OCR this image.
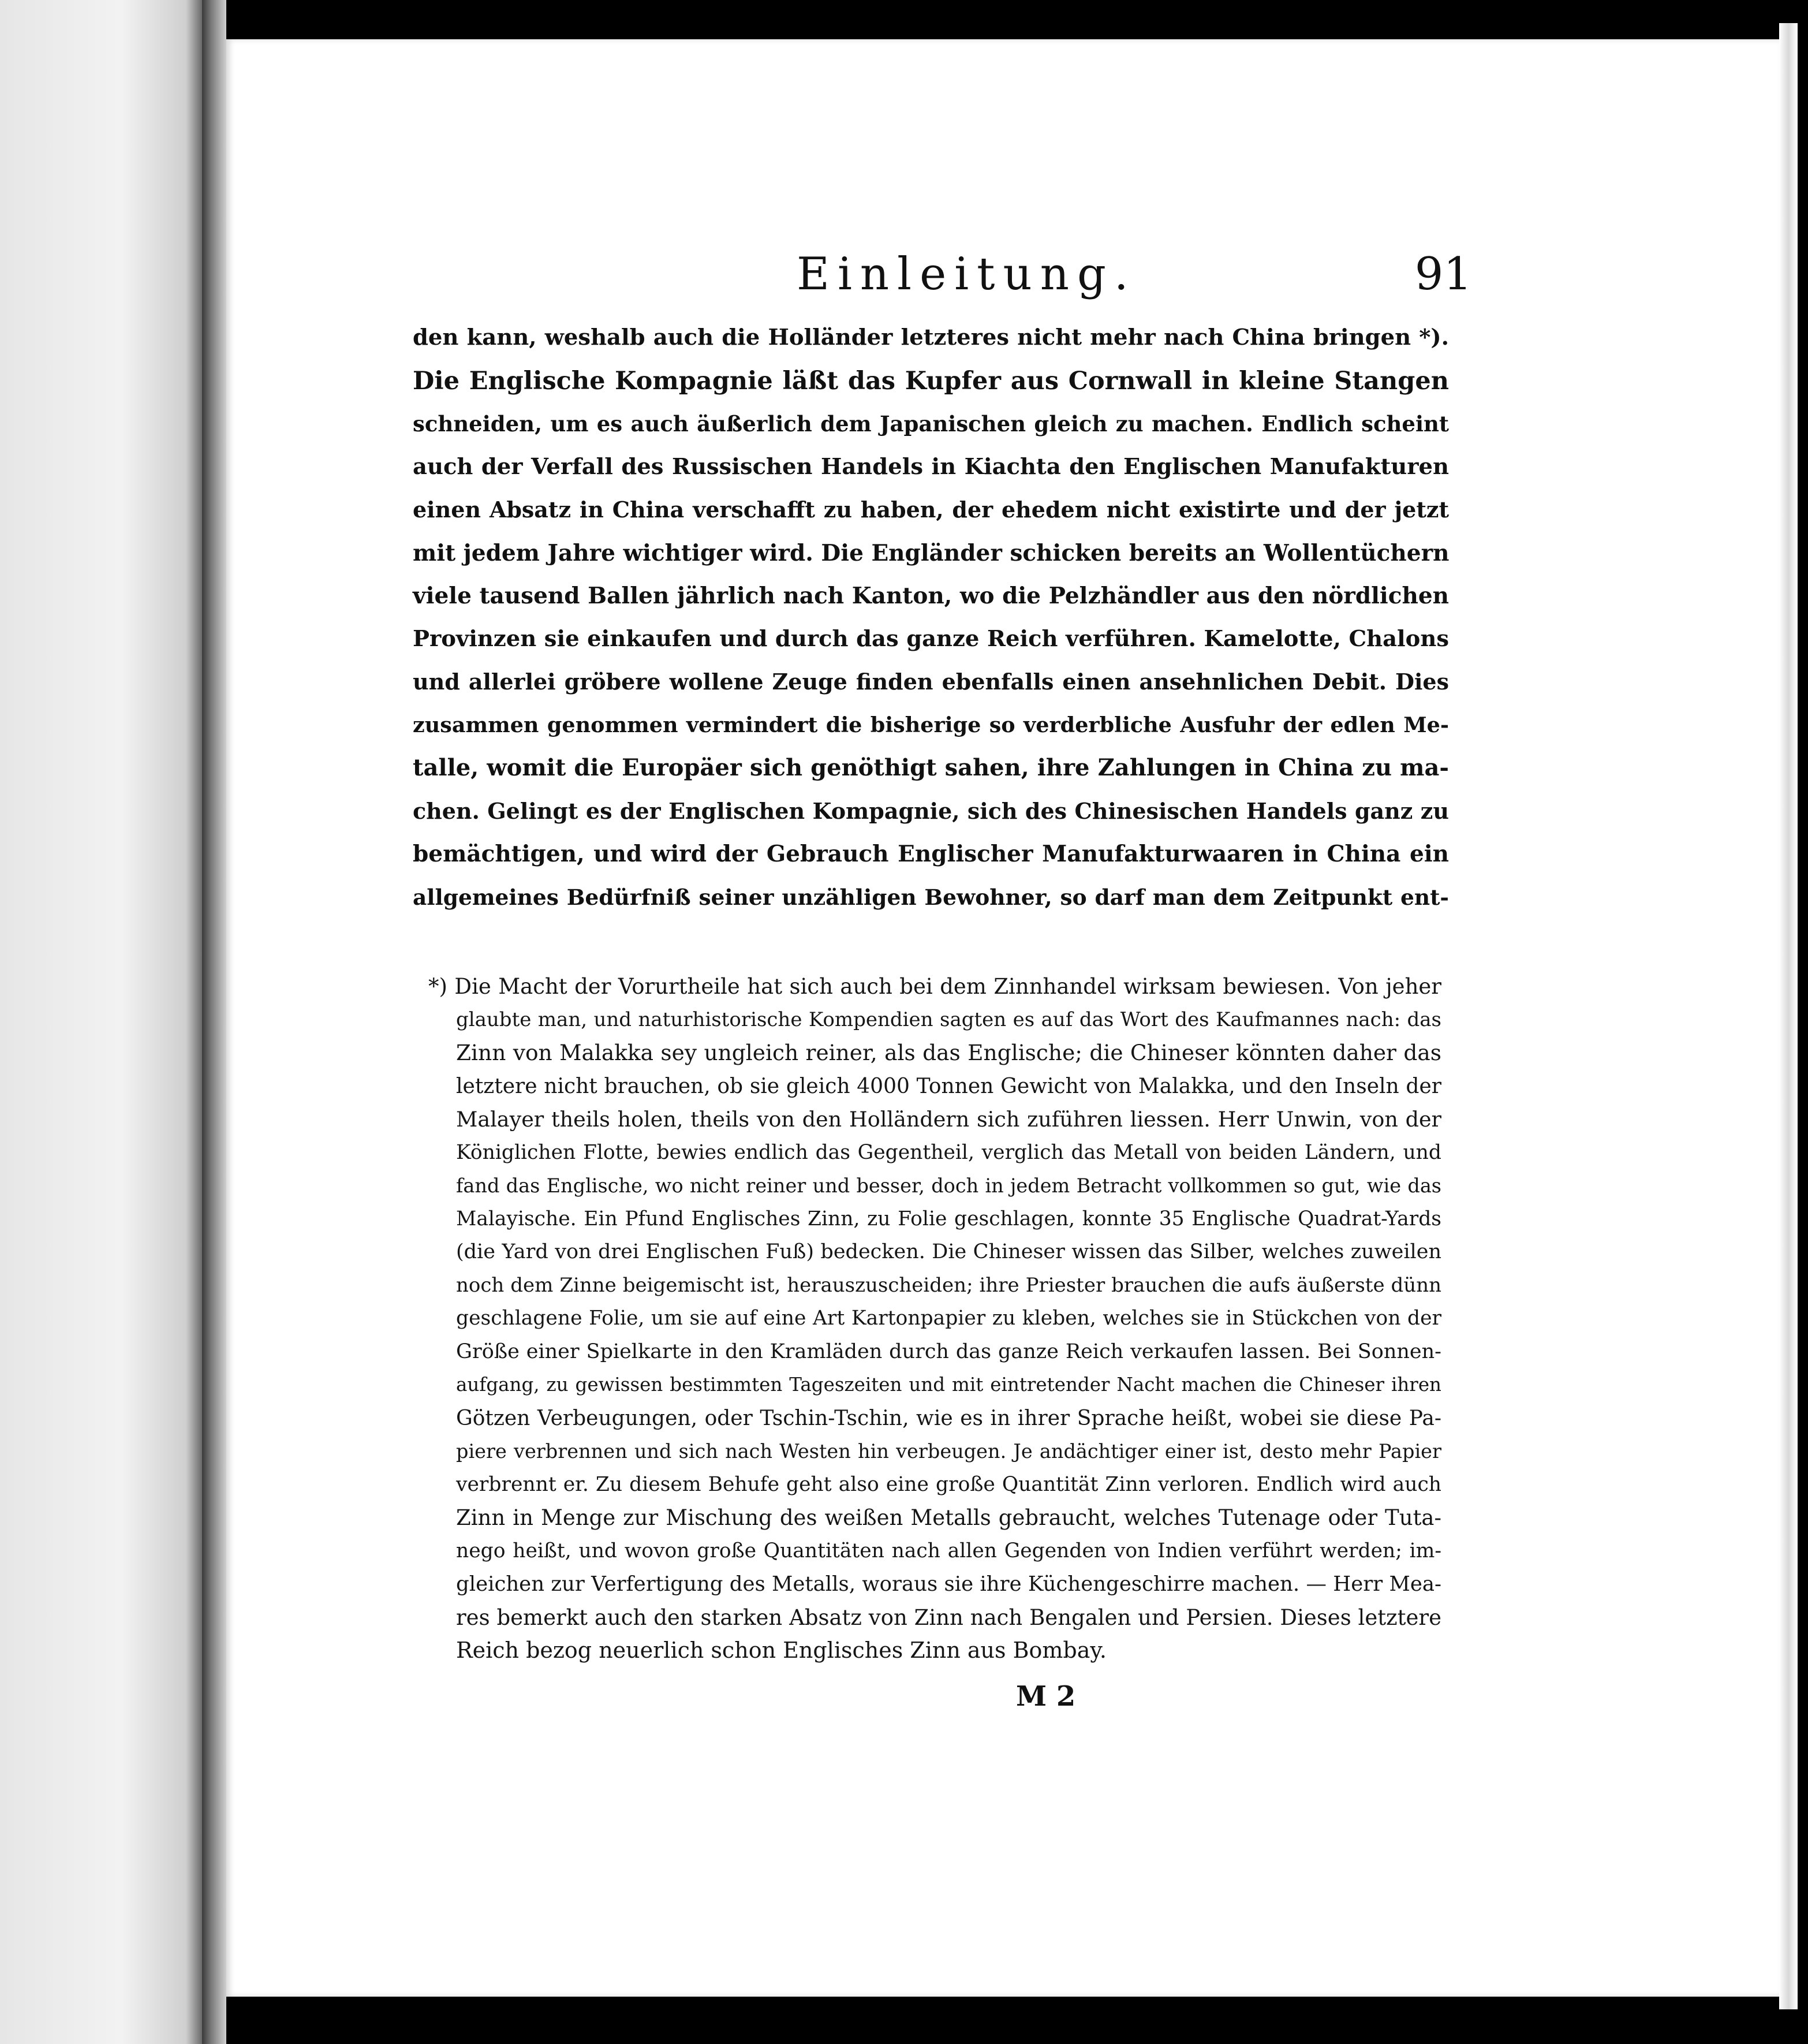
Einleitung.	91
den kann, weshalb auch die Holländer letzteres nicht mehr nach China bringen *).
Die Englische Kompagnie läßt das Kupfer aus Cornwall in kleine Stangen
schneiden, um es auch äußerlich dem Japanischen gleich zu machen. Endlich scheint
auch der Verfall des Russischen Handels in Kiachta den Englischen Manufakturen
einen Absatz in China verschafft zu haben, der ehedem nicht existirte und der jetzt
mit jedem Jahre wichtiger wird. Die Engländer schicken bereits an Wollentüchern
viele tausend Ballen jährlich nach Kanton, wo die Pelzhändler aus den nördlichen
Provinzen sie einkaufen und durch das ganze Reich verführen. Kamelotte, Chalons
und allerlei gröbere wollene Zeuge finden ebenfalls einen ansehnlichen Debit. Dies
zusammen genommen vermindert die bisherige so verderbliche Ausfuhr der edlen Me-
talle, womit die Europäer sich genöthigt sahen, ihre Zahlungen in China zu ma-
chen. Gelingt es der Englischen Kompagnie, sich des Chinesischen Handels ganz zu
bemächtigen, und wird der Gebrauch Englischer Manufakturwaaren in China ein
allgemeines Bedürfniß seiner unzähligen Bewohner, so darf man dem Zeitpunkt ent-
*) Die Macht der Vorurtheile hat sich auch bei dem Zinnhandel wirksam bewiesen. Von jeher
glaubte man, und naturhistorische Kompendien sagten es auf das Wort des Kaufmannes nach: das
Zinn von Malakka sey ungleich reiner, als das Englische; die Chineser könnten daher das
letztere nicht brauchen, ob sie gleich 4000 Tonnen Gewicht von Malakka, und den Inseln der
Malayer theils holen, theils von den Holländern sich zuführen liessen. Herr Unwin, von der
Königlichen Flotte, bewies endlich das Gegentheil, verglich das Metall von beiden Ländern, und
fand das Englische, wo nicht reiner und besser, doch in jedem Betracht vollkommen so gut, wie das
Malayische. Ein Pfund Englisches Zinn, zu Folie geschlagen, konnte 35 Englische Quadrat-Yards
(die Yard von drei Englischen Fuß) bedecken. Die Chineser wissen das Silber, welches zuweilen
noch dem Zinne beigemischt ist, herauszuscheiden; ihre Priester brauchen die aufs äußerste dünn
geschlagene Folie, um sie auf eine Art Kartonpapier zu kleben, welches sie in Stückchen von der
Größe einer Spielkarte in den Kramläden durch das ganze Reich verkaufen lassen. Bei Sonnen-
aufgang, zu gewissen bestimmten Tageszeiten und mit eintretender Nacht machen die Chineser ihren
Götzen Verbeugungen, oder Tschin-Tschin, wie es in ihrer Sprache heißt, wobei sie diese Pa-
piere verbrennen und sich nach Westen hin verbeugen. Je andächtiger einer ist, desto mehr Papier
verbrennt er. Zu diesem Behufe geht also eine große Quantität Zinn verloren. Endlich wird auch
Zinn in Menge zur Mischung des weißen Metalls gebraucht, welches Tutenage oder Tuta-
nego heißt, und wovon große Quantitäten nach allen Gegenden von Indien verführt werden; im-
gleichen zur Verfertigung des Metalls, woraus sie ihre Küchengeschirre machen. — Herr Mea-
res bemerkt auch den starken Absatz von Zinn nach Bengalen und Persien. Dieses letztere
Reich bezog neuerlich schon Englisches Zinn aus Bombay.
M 2
